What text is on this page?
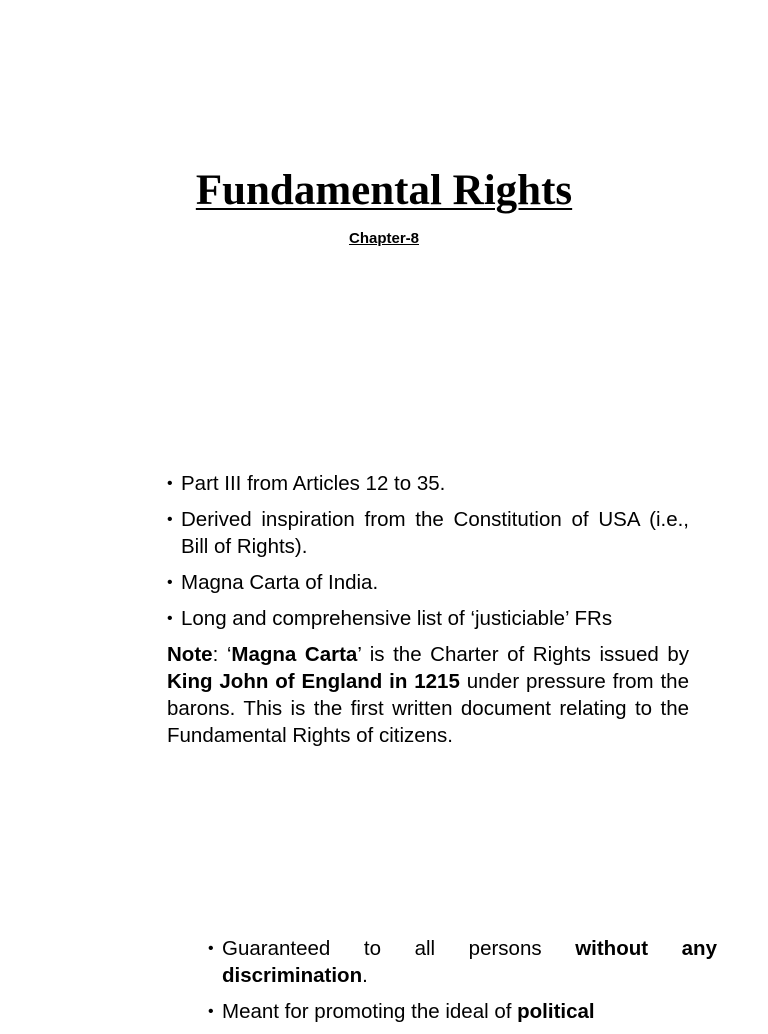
Fundamental Rights
Chapter-8
• Part III from Articles 12 to 35.
• Derived inspiration from the Constitution of USA (i.e., Bill of Rights).
• Magna Carta of India.
• Long and comprehensive list of ‘justiciable’ FRs

Note: ‘Magna Carta’ is the Charter of Rights issued by King John of England in 1215 under pressure from the barons. This is the first written document relating to the Fundamental Rights of citizens.

• Guaranteed to all persons without any discrimination.
• Meant for promoting the ideal of political
